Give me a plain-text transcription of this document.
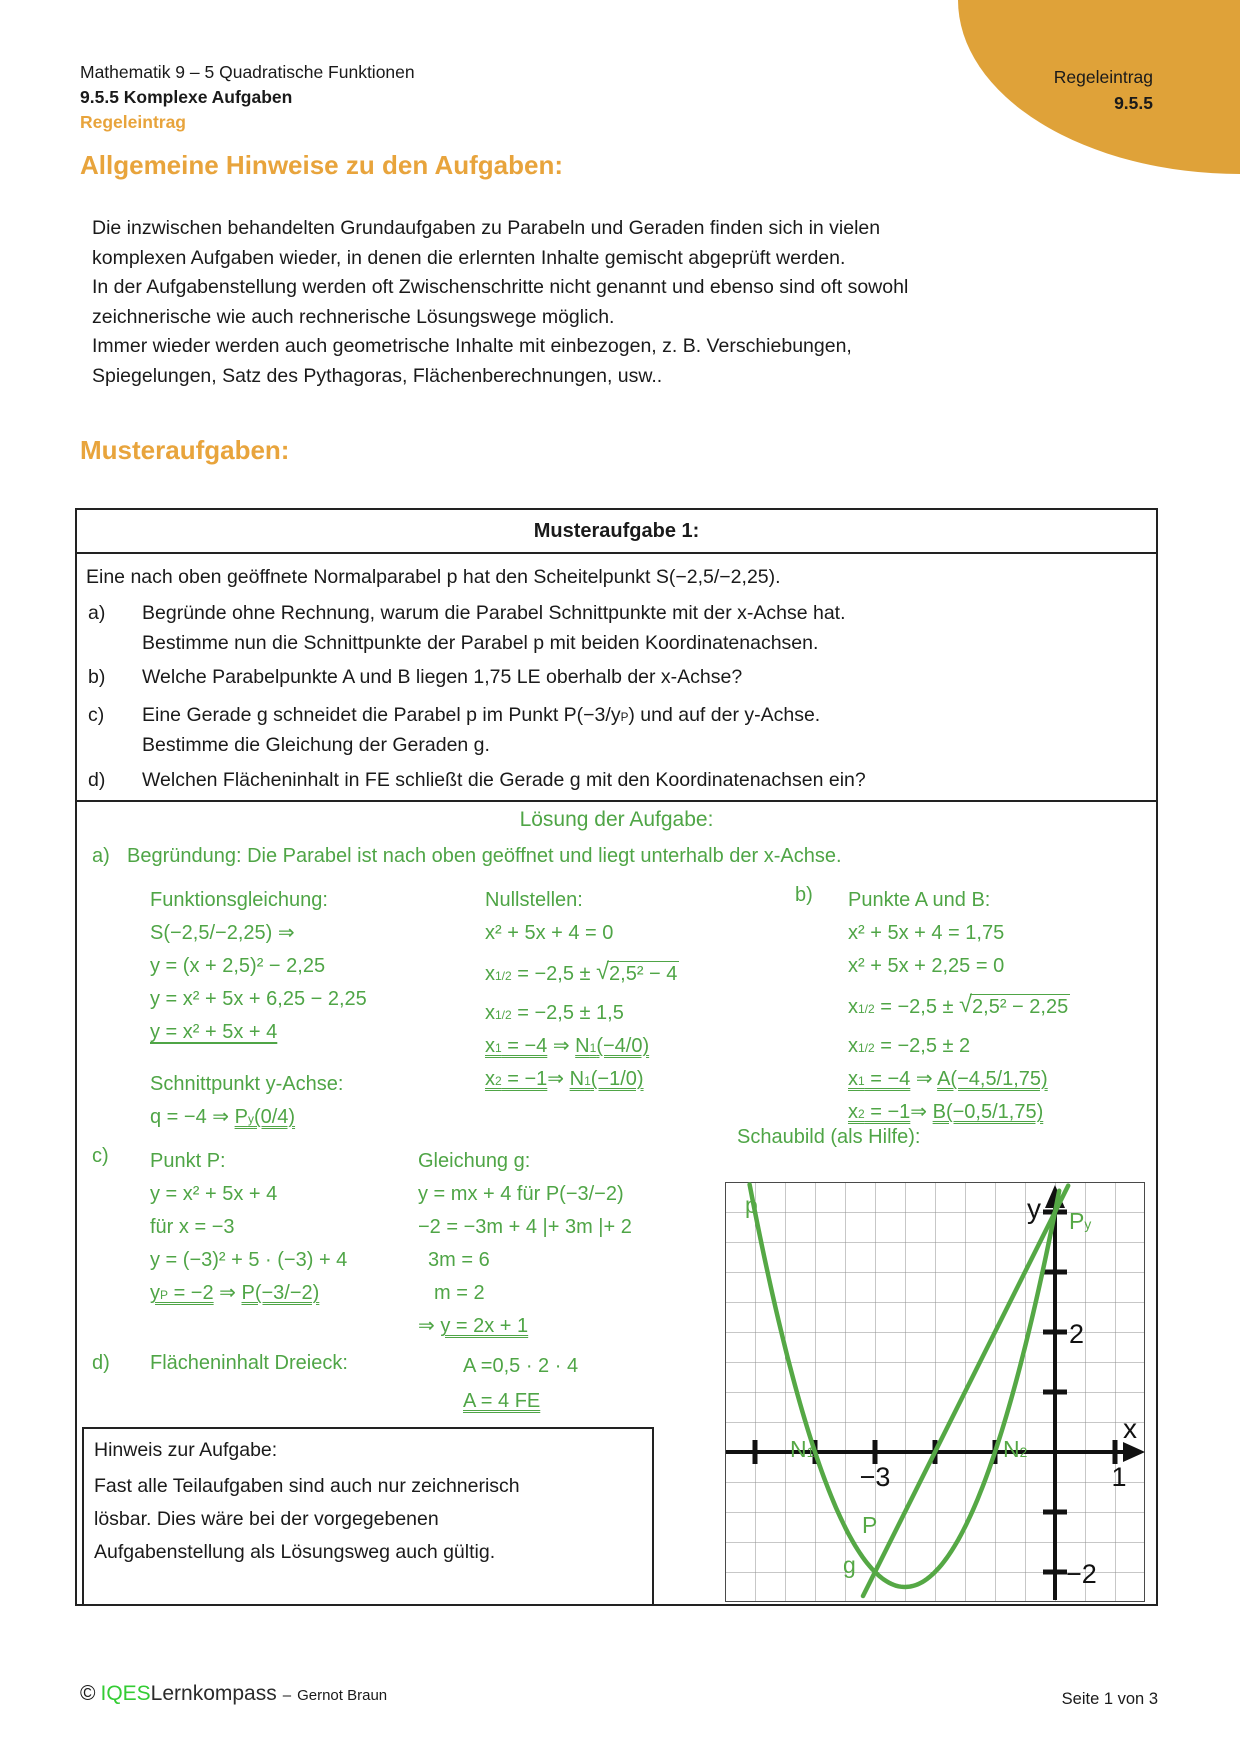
Regeleintrag
9.5.5
Mathematik 9 – 5 Quadratische Funktionen
9.5.5 Komplexe Aufgaben
Regeleintrag
Allgemeine Hinweise zu den Aufgaben:
Die inzwischen behandelten Grundaufgaben zu Parabeln und Geraden finden sich in vielen
komplexen Aufgaben wieder, in denen die erlernten Inhalte gemischt abgeprüft werden.
In der Aufgabenstellung werden oft Zwischenschritte nicht genannt und ebenso sind oft sowohl
zeichnerische wie auch rechnerische Lösungswege möglich.
Immer wieder werden auch geometrische Inhalte mit einbezogen, z. B. Verschiebungen,
Spiegelungen, Satz des Pythagoras, Flächenberechnungen, usw..
Musteraufgaben:
Musteraufgabe 1:
Eine nach oben geöffnete Normalparabel p hat den Scheitelpunkt S(−2,5/−2,25).
a) Begründe ohne Rechnung, warum die Parabel Schnittpunkte mit der x-Achse hat.
Bestimme nun die Schnittpunkte der Parabel p mit beiden Koordinatenachsen.
b) Welche Parabelpunkte A und B liegen 1,75 LE oberhalb der x-Achse?
c) Eine Gerade g schneidet die Parabel p im Punkt $P(-3/y_P)$ und auf der y-Achse.
Bestimme die Gleichung der Geraden g.
d) Welchen Flächeninhalt in FE schließt die Gerade g mit den Koordinatenachsen ein?
Lösung der Aufgabe:
a) Begründung: Die Parabel ist nach oben geöffnet und liegt unterhalb der x-Achse.
Funktionsgleichung:
S(−2,5/−2,25) ⇒
y = (x + 2,5)² − 2,25
y = x² + 5x + 6,25 − 2,25
y = x² + 5x + 4
Schnittpunkt y-Achse:
q = −4 ⇒ $P_y(0/4)$
Nullstellen:
x² + 5x + 4 = 0
$x_{1/2} = -2,5 \pm √2,5^2 - 4$
$x_{1/2} = -2,5 \pm 1,5$
$x_1 = -4$ ⇒ $N_1(-4/0)$
$x_2$ = −1⇒ $N_1(-1/0)$
b) Punkte A und B:
x² + 5x + 4 = 1,75
x² + 5x + 2,25 = 0
$x_{1/2} = -2,5 \pm √2,5^2 - 2,25$
$x_{1/2} = -2,5 \pm 2$
$x_1 = -4$ ⇒ A(−4,5/1,75)
$x_2$ = −1⇒ B(−0,5/1,75)
c) Punkt P:
y = x² + 5x + 4
für x = −3
y = (−3)² + 5 · (−3) + 4
$y_P = -2$ ⇒ P(−3/−2)
Gleichung g:
y = mx + 4 für P(−3/−2)
−2 = −3m + 4 |+ 3m |+ 2
3m = 6
m = 2
⇒ y = 2x + 1
Schaubild (als Hilfe):
d) Flächeninhalt Dreieck:	A =0,5 · 2 · 4
A = 4 FE
Hinweis zur Aufgabe:
Fast alle Teilaufgaben sind auch nur zeichnerisch
lösbar. Dies wäre bei der vorgegebenen
Aufgabenstellung als Lösungsweg auch gültig.
−3	1
2
−2
y
x
p
$P_y$
$N_1$	$N_2$
P
g
© IQES Lernkompass – Gernot Braun	Seite 1 von 3
